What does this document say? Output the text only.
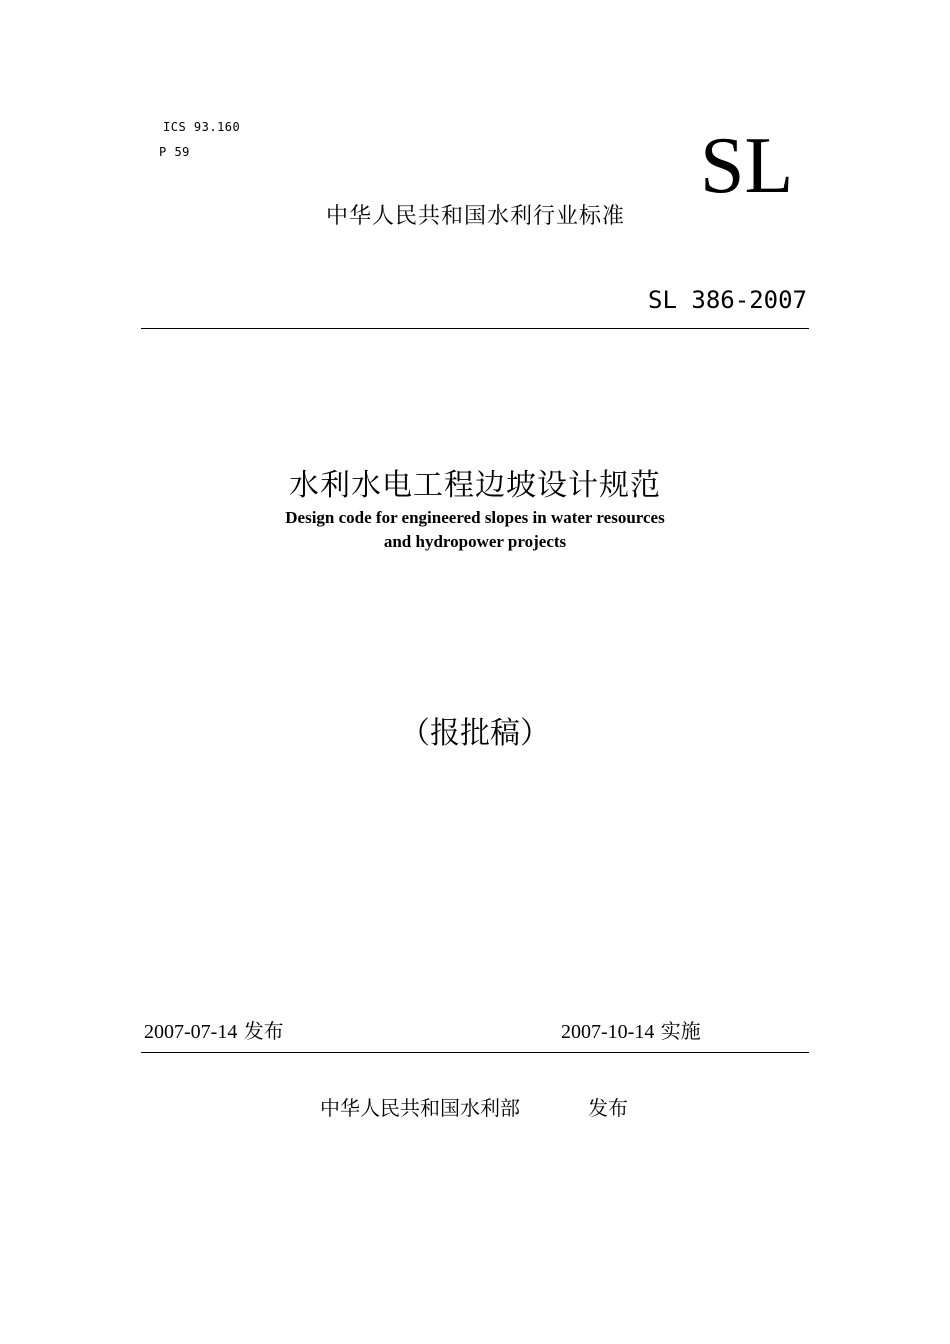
ICS 93.160
P 59	SL
中华人民共和国水利行业标准
SL 386-2007
水利水电工程边坡设计规范
Design code for engineered slopes in water resources
and hydropower projects
（报批稿）
2007-07-14 发布	2007-10-14 实施
中华人民共和国水利部	发布
